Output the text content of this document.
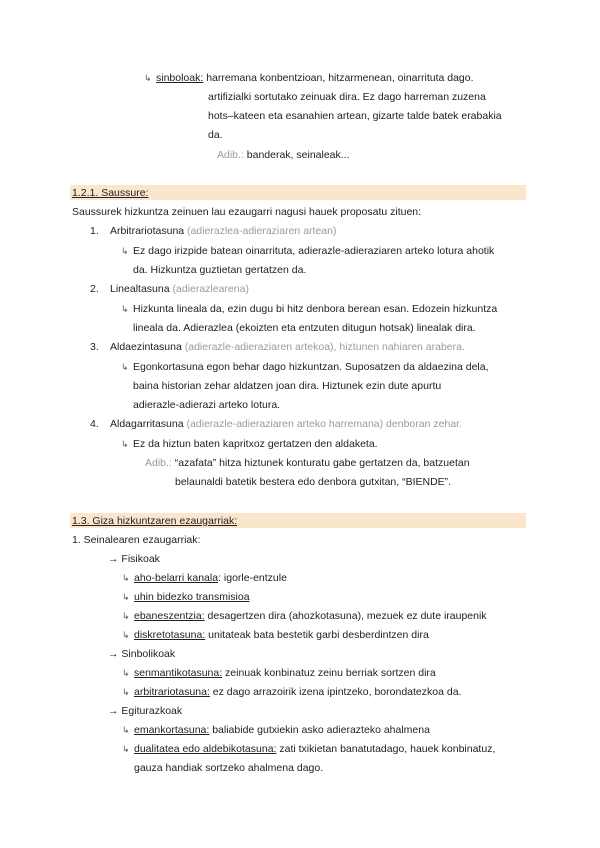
↳ sinboloak: harremana konbentzioan, hitzarmenean, oinarrituta dago.
artifizialki sortutako zeinuak dira. Ez dago harreman zuzena
hots–kateen eta esanahien artean, gizarte talde batek erabakia
da.
Adib.: banderak, seinaleak...
1.2.1. Saussure:
Saussurek hizkuntza zeinuen lau ezaugarri nagusi hauek proposatu zituen:
1. Arbitrariotasuna (adierazlea-adieraziaren artean)
↳ Ez dago irizpide batean oinarrituta, adierazle-adieraziaren arteko lotura ahotik
da. Hizkuntza guztietan gertatzen da.
2. Linealtasuna (adierazlearena)
↳ Hizkunta lineala da, ezin dugu bi hitz denbora berean esan. Edozein hizkuntza
lineala da. Adierazlea (ekoizten eta entzuten ditugun hotsak) linealak dira.
3. Aldaezintasuna (adierazle-adieraziaren artekoa), hiztunen nahiaren arabera.
↳ Egonkortasuna egon behar dago hizkuntzan. Suposatzen da aldaezina dela,
baina historian zehar aldatzen joan dira. Hiztunek ezin dute apurtu
adierazle-adierazi arteko lotura.
4. Aldagarritasuna (adierazle-adieraziaren arteko harremana) denboran zehar.
↳ Ez da hiztun baten kapritxoz gertatzen den aldaketa.
Adib.: “azafata” hitza hiztunek konturatu gabe gertatzen da, batzuetan
belaunaldi batetik bestera edo denbora gutxitan, “BIENDE”.
1.3. Giza hizkuntzaren ezaugarriak:
1. Seinalearen ezaugarriak:
→ Fisikoak
↳ aho-belarri kanala: igorle-entzule
↳ uhin bidezko transmisioa
↳ ebaneszentzia: desagertzen dira (ahozkotasuna), mezuek ez dute iraupenik
↳ diskretotasuna: unitateak bata bestetik garbi desberdintzen dira
→ Sinbolikoak
↳ senmantikotasuna: zeinuak konbinatuz zeinu berriak sortzen dira
↳ arbitrariotasuna: ez dago arrazoirik izena ipintzeko, borondatezkoa da.
→ Egiturazkoak
↳ emankortasuna: baliabide gutxiekin asko adierazteko ahalmena
↳ dualitatea edo aldebikotasuna: zati txikietan banatutadago, hauek konbinatuz,
gauza handiak sortzeko ahalmena dago.
